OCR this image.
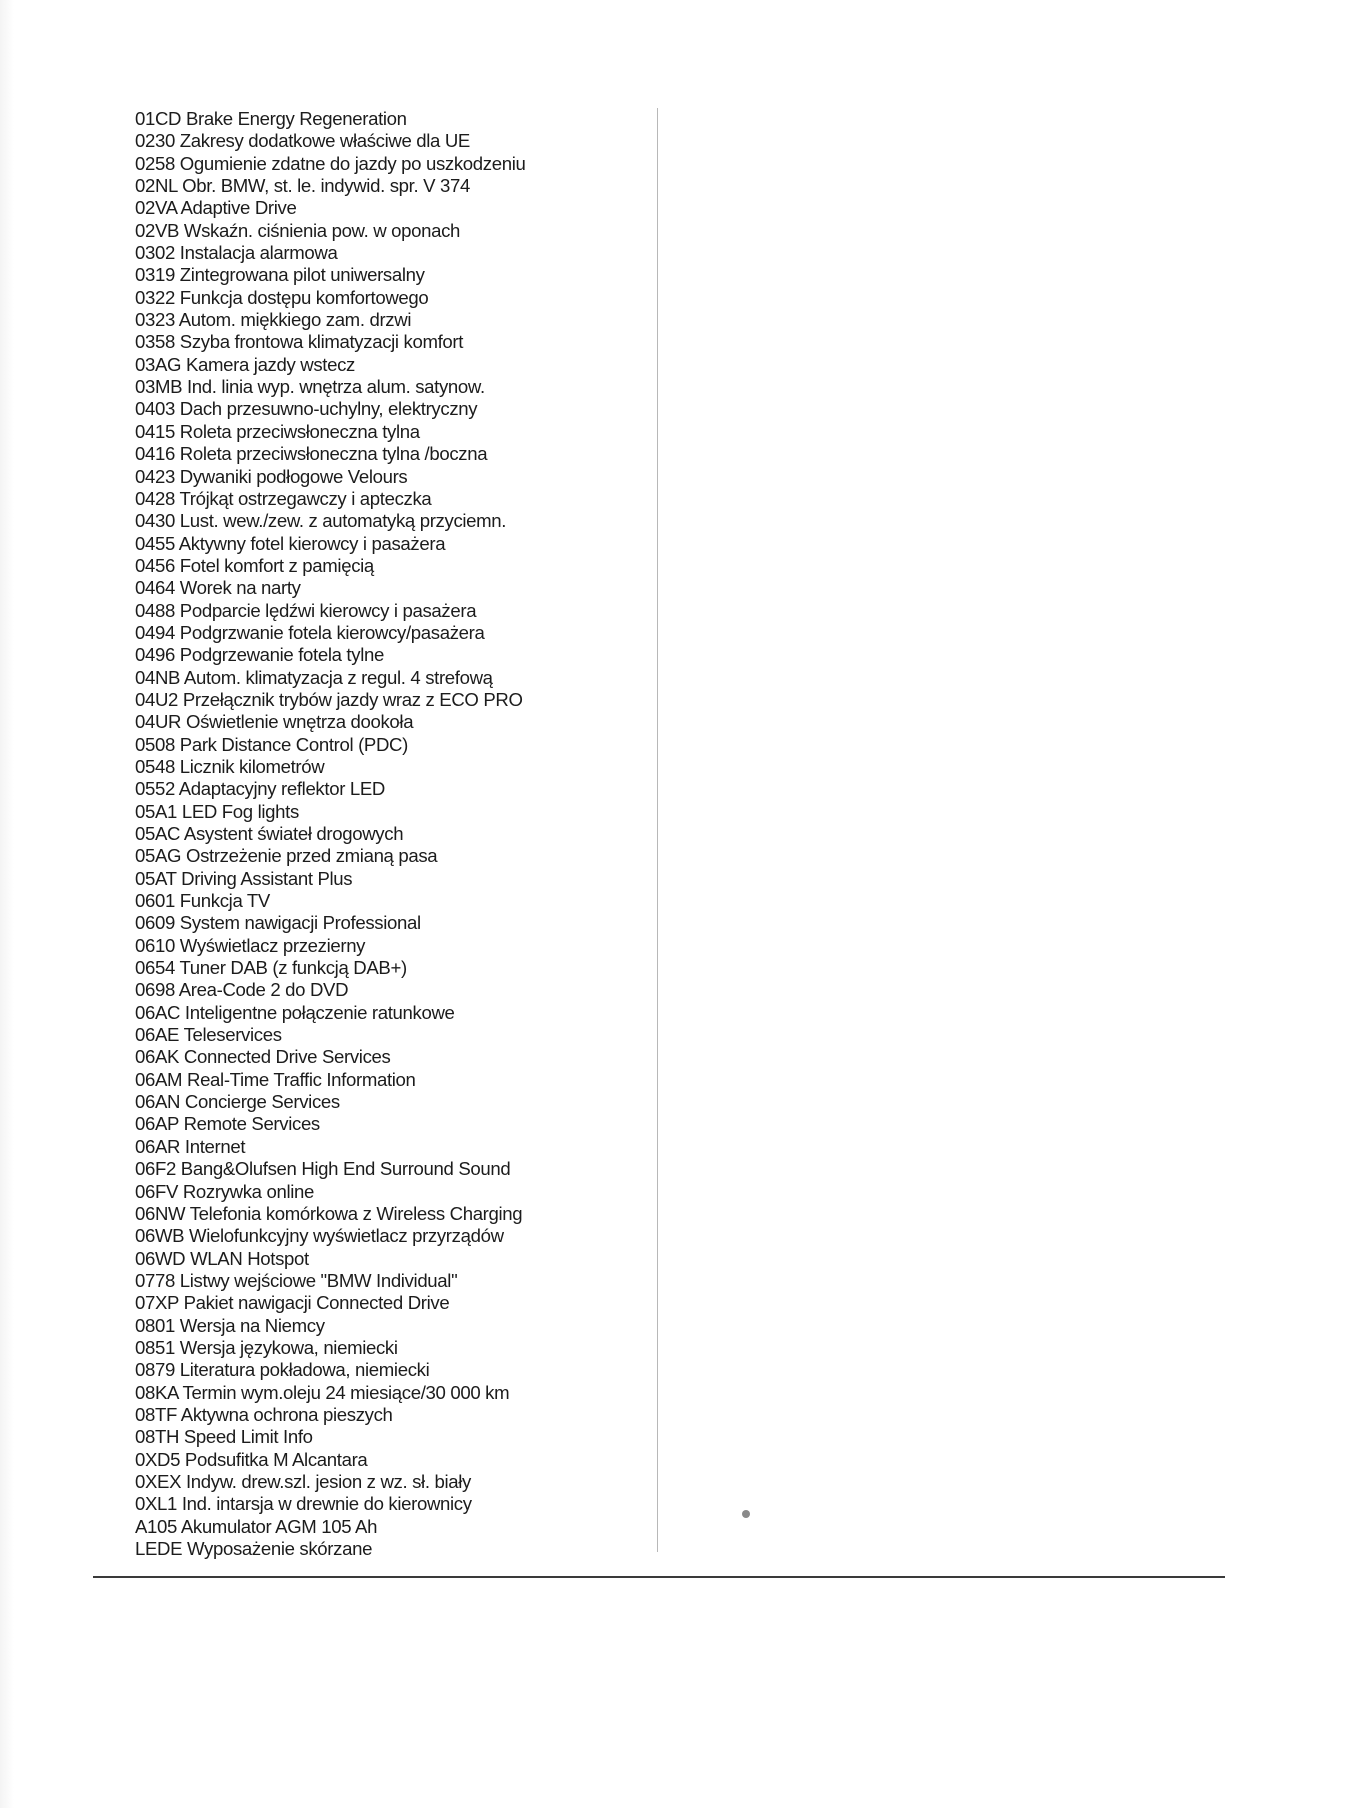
01CD Brake Energy Regeneration
0230 Zakresy dodatkowe właściwe dla UE
0258 Ogumienie zdatne do jazdy po uszkodzeniu
02NL Obr. BMW, st. le. indywid. spr. V 374
02VA Adaptive Drive
02VB Wskaźn. ciśnienia pow. w oponach
0302 Instalacja alarmowa
0319 Zintegrowana pilot uniwersalny
0322 Funkcja dostępu komfortowego
0323 Autom. miękkiego zam. drzwi
0358 Szyba frontowa klimatyzacji komfort
03AG Kamera jazdy wstecz
03MB Ind. linia wyp. wnętrza alum. satynow.
0403 Dach przesuwno-uchylny, elektryczny
0415 Roleta przeciwsłoneczna tylna
0416 Roleta przeciwsłoneczna tylna /boczna
0423 Dywaniki podłogowe Velours
0428 Trójkąt ostrzegawczy i apteczka
0430 Lust. wew./zew. z automatyką przyciemn.
0455 Aktywny fotel kierowcy i pasażera
0456 Fotel komfort z pamięcią
0464 Worek na narty
0488 Podparcie lędźwi kierowcy i pasażera
0494 Podgrzwanie fotela kierowcy/pasażera
0496 Podgrzewanie fotela tylne
04NB Autom. klimatyzacja z regul. 4 strefową
04U2 Przełącznik trybów jazdy wraz z ECO PRO
04UR Oświetlenie wnętrza dookoła
0508 Park Distance Control (PDC)
0548 Licznik kilometrów
0552 Adaptacyjny reflektor LED
05A1 LED Fog lights
05AC Asystent świateł drogowych
05AG Ostrzeżenie przed zmianą pasa
05AT Driving Assistant Plus
0601 Funkcja TV
0609 System nawigacji Professional
0610 Wyświetlacz przezierny
0654 Tuner DAB (z funkcją DAB+)
0698 Area-Code 2 do DVD
06AC Inteligentne połączenie ratunkowe
06AE Teleservices
06AK Connected Drive Services
06AM Real-Time Traffic Information
06AN Concierge Services
06AP Remote Services
06AR Internet
06F2 Bang&Olufsen High End Surround Sound
06FV Rozrywka online
06NW Telefonia komórkowa z Wireless Charging
06WB Wielofunkcyjny wyświetlacz przyrządów
06WD WLAN Hotspot
0778 Listwy wejściowe "BMW Individual"
07XP Pakiet nawigacji Connected Drive
0801 Wersja na Niemcy
0851 Wersja językowa, niemiecki
0879 Literatura pokładowa, niemiecki
08KA Termin wym.oleju 24 miesiące/30 000 km
08TF Aktywna ochrona pieszych
08TH Speed Limit Info
0XD5 Podsufitka M Alcantara
0XEX Indyw. drew.szl. jesion z wz. sł. biały
0XL1 Ind. intarsja w drewnie do kierownicy
A105 Akumulator AGM 105 Ah
LEDE Wyposażenie skórzane
